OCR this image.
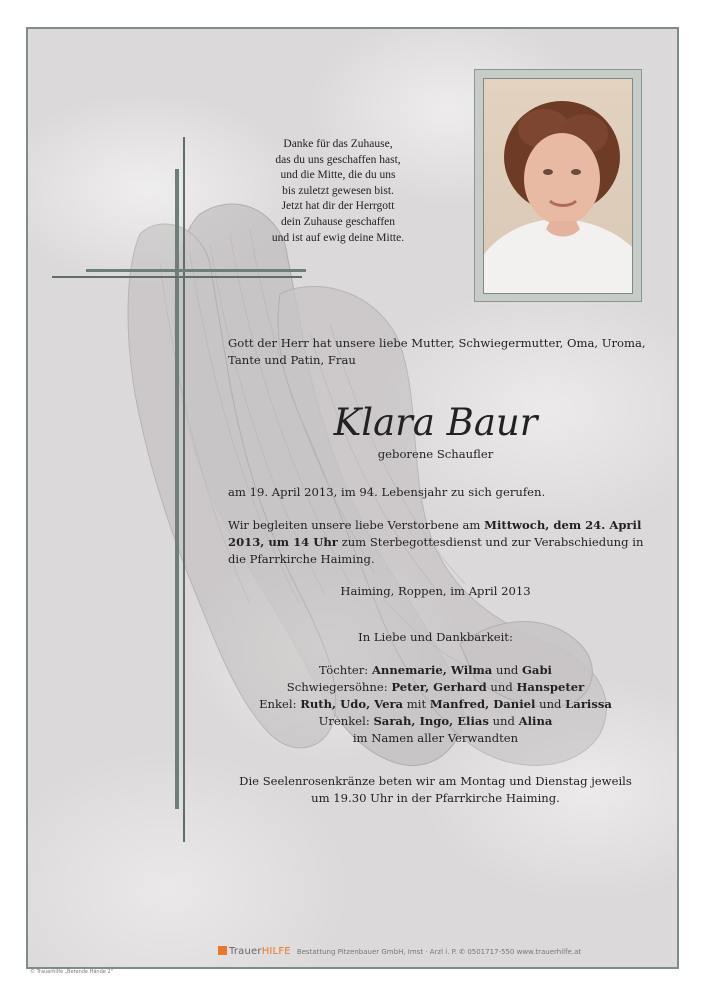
Danke für das Zuhause,
das du uns geschaffen hast,
und die Mitte, die du uns
bis zuletzt gewesen bist.
Jetzt hat dir der Herrgott
dein Zuhause geschaffen
und ist auf ewig deine Mitte.
Gott der Herr hat unsere liebe Mutter, Schwiegermutter, Oma, Uroma,
Tante und Patin, Frau
Klara Baur
geborene Schaufler
am 19. April 2013, im 94. Lebensjahr zu sich gerufen.
Wir begleiten unsere liebe Verstorbene am Mittwoch, dem 24. April
2013, um 14 Uhr zum Sterbegottesdienst und zur Verabschiedung in
die Pfarrkirche Haiming.
Haiming, Roppen, im April 2013
In Liebe und Dankbarkeit:
Töchter: Annemarie, Wilma und Gabi
Schwiegersöhne: Peter, Gerhard und Hanspeter
Enkel: Ruth, Udo, Vera mit Manfred, Daniel und Larissa
Urenkel: Sarah, Ingo, Elias und Alina
im Namen aller Verwandten
Die Seelenrosenkränze beten wir am Montag und Dienstag jeweils
um 19.30 Uhr in der Pfarrkirche Haiming.
TrauerHILFE Bestattung Pitzenbauer GmbH, Imst · Arzl i. P. ✆ 0501717-550 www.trauerhilfe.at
© Trauerhilfe „Betende Hände 2"
